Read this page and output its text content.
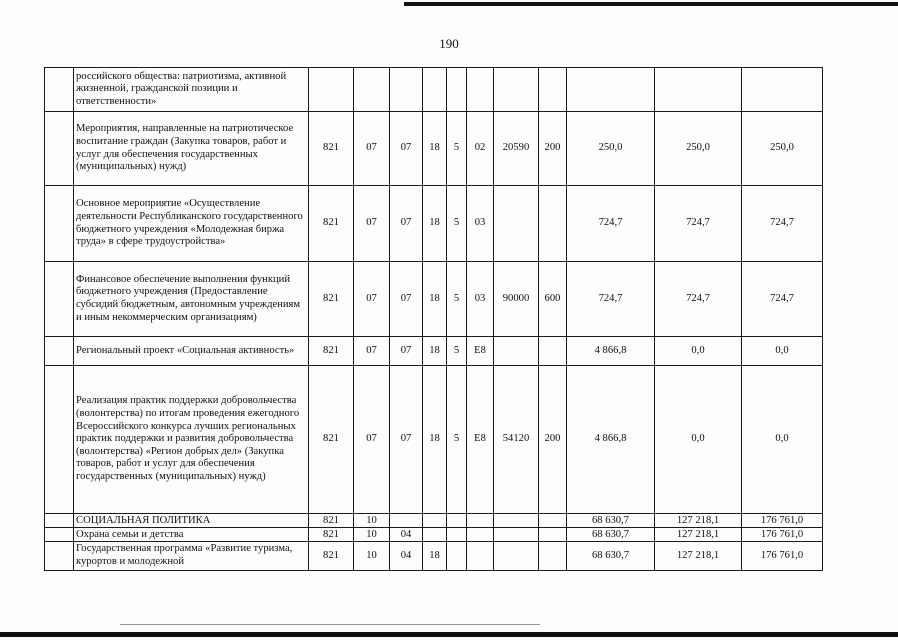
190
	российского общества: патриотизма, активной жизненной, гражданской позиции и ответственности»											
	Мероприятия, направленные на патриотическое воспитание граждан (Закупка товаров, работ и услуг для обеспечения государственных (муниципальных) нужд)	821	07	07	18	5	02	20590	200	250,0	250,0	250,0
	Основное мероприятие «Осуществление деятельности Республиканского государственного бюджетного учреждения «Молодежная биржа труда» в сфере трудоустройства»	821	07	07	18	5	03			724,7	724,7	724,7
	Финансовое обеспечение выполнения функций бюджетного учреждения (Предоставление субсидий бюджетным, автономным учреждениям и иным некоммерческим организациям)	821	07	07	18	5	03	90000	600	724,7	724,7	724,7
	Региональный проект «Социальная активность»	821	07	07	18	5	E8			4 866,8	0,0	0,0
	Реализация практик поддержки добровольчества (волонтерства) по итогам проведения ежегодного Всероссийского конкурса лучших региональных практик поддержки и развития добровольчества (волонтерства) «Регион добрых дел» (Закупка товаров, работ и услуг для обеспечения государственных (муниципальных) нужд)	821	07	07	18	5	E8	54120	200	4 866,8	0,0	0,0
	СОЦИАЛЬНАЯ ПОЛИТИКА	821	10							68 630,7	127 218,1	176 761,0
	Охрана семьи и детства	821	10	04						68 630,7	127 218,1	176 761,0
	Государственная программа «Развитие туризма, курортов и молодежной	821	10	04	18					68 630,7	127 218,1	176 761,0
